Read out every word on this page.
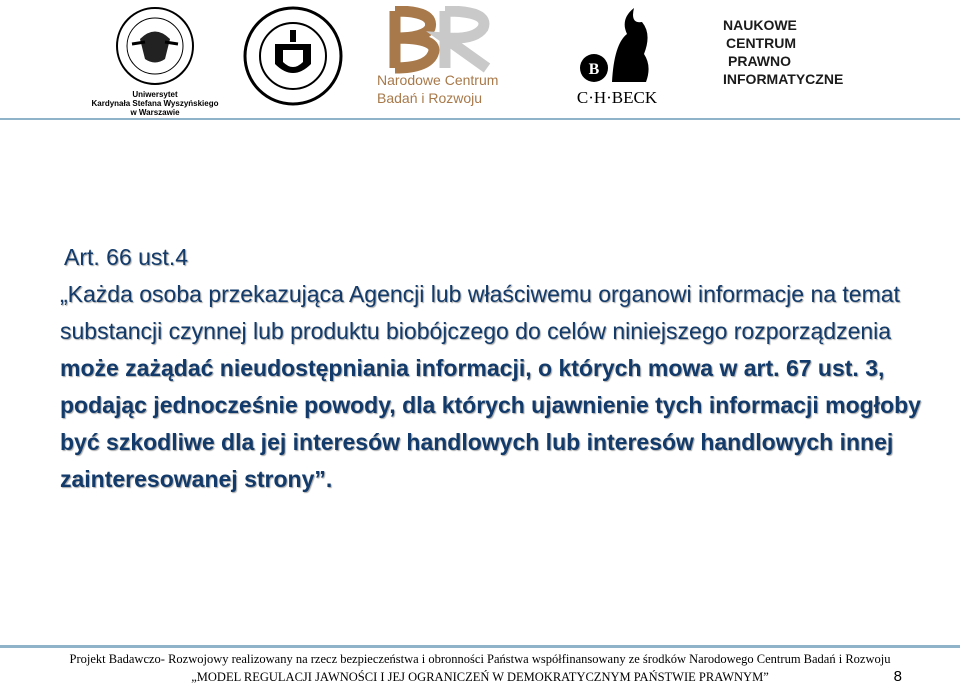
Uniwersytet
Kardynała Stefana Wyszyńskiego
w Warszawie
Narodowe Centrum
Badań i Rozwoju
B
C·H·BECK
NAUKOWE
CENTRUM
PRAWNO
INFORMATYCZNE
Art. 66 ust.4
„Każda osoba przekazująca Agencji lub właściwemu organowi informacje na temat substancji czynnej lub produktu biobójczego do celów niniejszego rozporządzenia może zażądać nieudostępniania informacji, o których mowa w art. 67 ust. 3, podając jednocześnie powody, dla których ujawnienie tych informacji mogłoby być szkodliwe dla jej interesów handlowych lub interesów handlowych innej zainteresowanej strony”.
Projekt Badawczo- Rozwojowy realizowany na rzecz bezpieczeństwa i obronności Państwa współfinansowany ze środków Narodowego Centrum Badań i Rozwoju
„MODEL REGULACJI JAWNOŚCI I JEJ OGRANICZEŃ W DEMOKRATYCZNYM PAŃSTWIE PRAWNYM”	8
